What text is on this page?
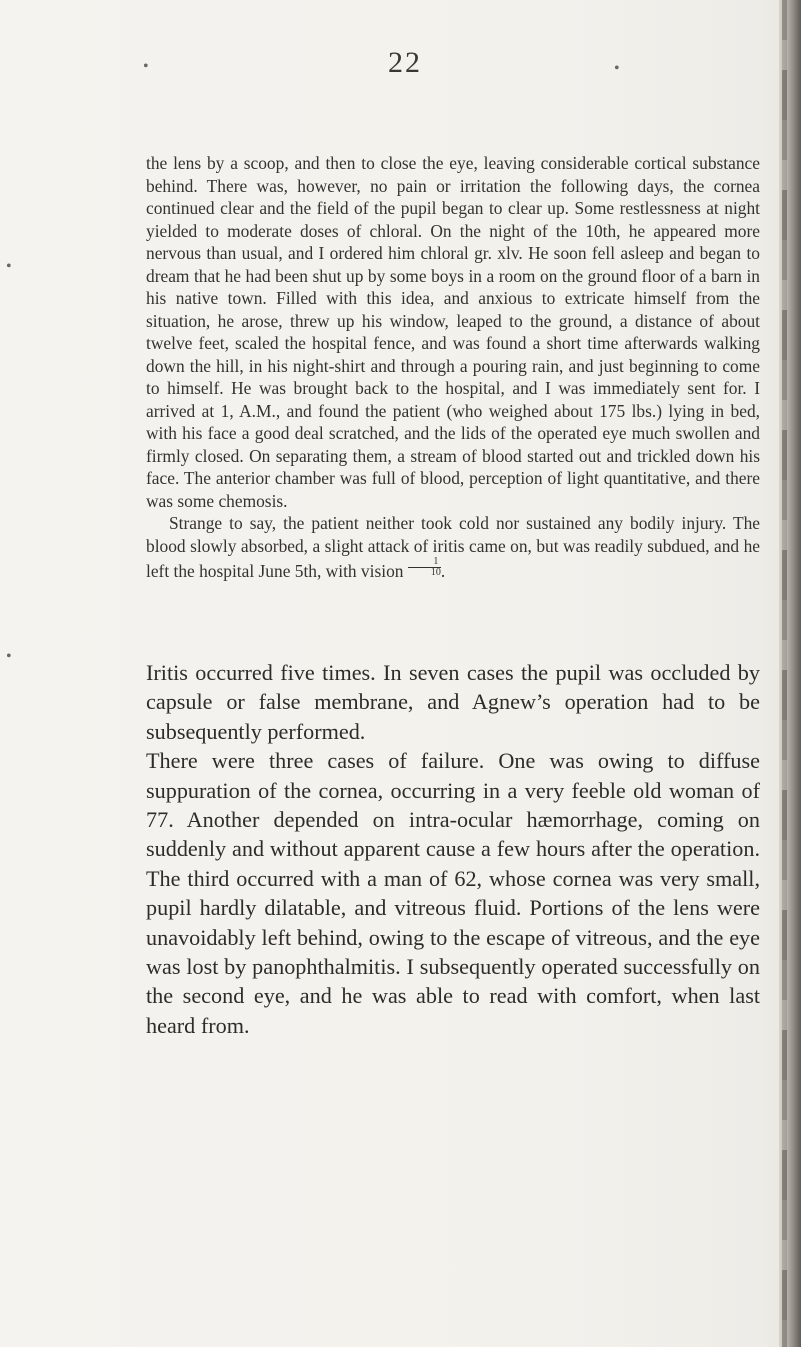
•	•
•
•
22

the lens by a scoop, and then to close the eye, leaving considerable cortical substance behind. There was, however, no pain or irritation the following days, the cornea continued clear and the field of the pupil began to clear up. Some restlessness at night yielded to moderate doses of chloral. On the night of the 10th, he appeared more nervous than usual, and I ordered him chloral gr. xlv. He soon fell asleep and began to dream that he had been shut up by some boys in a room on the ground floor of a barn in his native town. Filled with this idea, and anxious to extricate himself from the situation, he arose, threw up his window, leaped to the ground, a distance of about twelve feet, scaled the hospital fence, and was found a short time afterwards walking down the hill, in his night-shirt and through a pouring rain, and just beginning to come to himself. He was brought back to the hospital, and I was immediately sent for. I arrived at 1, A.M., and found the patient (who weighed about 175 lbs.) lying in bed, with his face a good deal scratched, and the lids of the operated eye much swollen and firmly closed. On separating them, a stream of blood started out and trickled down his face. The anterior chamber was full of blood, perception of light quantitative, and there was some chemosis.

Strange to say, the patient neither took cold nor sustained any bodily injury. The blood slowly absorbed, a slight attack of iritis came on, but was readily subdued, and he left the hospital June 5th, with vision $\frac{1}{10}$ .

Iritis occurred five times. In seven cases the pupil was occluded by capsule or false membrane, and Agnew’s operation had to be subsequently performed.

There were three cases of failure. One was owing to diffuse suppuration of the cornea, occurring in a very feeble old woman of 77. Another depended on intra-ocular hæmorrhage, coming on suddenly and without apparent cause a few hours after the operation. The third occurred with a man of 62, whose cornea was very small, pupil hardly dilatable, and vitreous fluid. Portions of the lens were unavoidably left behind, owing to the escape of vitreous, and the eye was lost by panophthalmitis. I subsequently operated successfully on the second eye, and he was able to read with comfort, when last heard from.
